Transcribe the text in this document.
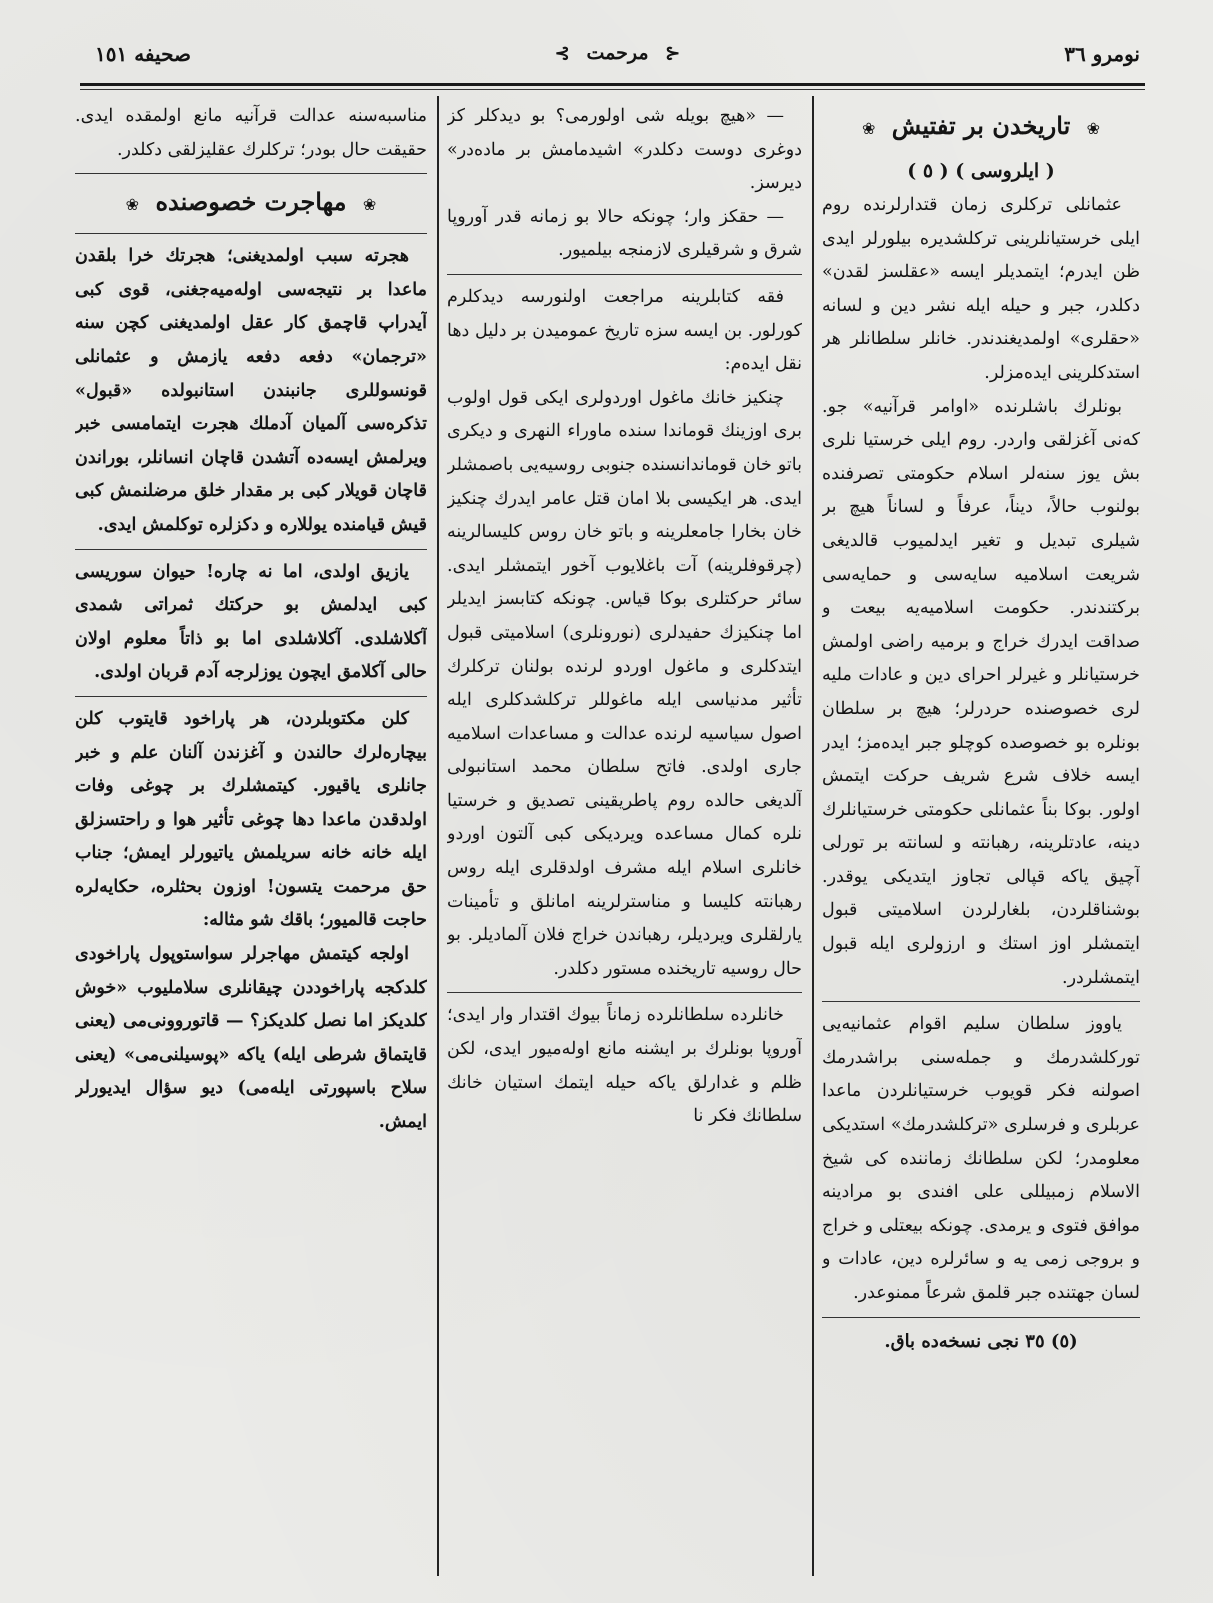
نومرو ٣٦
⊰ مرحمت ⊱
صحيفه ١٥١
❀ تاريخدن بر تفتيش ❀
( ايلروسى ) ( ٥ )

عثمانلى تركلرى زمان قتدارلرنده روم ايلى خرستيانلرينى تركلشديره بيلورلر ايدى ظن ايدرم؛ ايتمديلر ايسه «عقلسز لقدن» دكلدر، جبر و حيله ايله نشر دين و لسانه «حقلرى» اولمديغندندر. خانلر سلطانلر هر استدكلرينى ايده‌مزلر.

بونلرك باشلرنده «اوامر قرآنيه» جو. كه‌نى آغزلقى واردر. روم ايلى خرستيا نلرى بش يوز سنه‌لر اسلام حكومتى تصرفنده بولنوب حالاً، ديناً، عرفاً و لساناً هيچ بر شيلرى تبديل و تغير ايدلميوب قالديغى شريعت اسلاميه سايه‌سى و حمايه‌سى بركتندندر. حكومت اسلاميه‌يه بيعت و صداقت ايدرك خراج و برميه راضى اولمش خرستيانلر و غيرلر احراى دين و عادات مليه لرى خصوصنده حردرلر؛ هيچ بر سلطان بونلره بو خصوصده كوچلو جبر ايده‌مز؛ ايدر ايسه خلاف شرع شريف حركت ايتمش اولور. بوكا بناً عثمانلى حكومتى خرستيانلرك دينه، عادتلرينه، رهبانته و لسانته بر تورلى آچيق ياكه قپالى تجاوز ايتديكى يوقدر. بوشناقلردن، بلغارلردن اسلاميتى قبول ايتمشلر اوز استك و ارزولرى ايله قبول ايتمشلردر.

ياووز سلطان سليم اقوام عثمانيه‌يى توركلشدرمك و جملەسنى براشدرمك اصولنه فكر قويوب خرستيانلردن ماعدا عربلرى و فرسلرى «تركلشدرمك» استديكى معلومدر؛ لكن سلطانك زماننده كى شيخ الاسلام زمبيللى على افندى بو مرادينه موافق فتوى و يرمدى. چونكه بيعتلى و خراج و بروجى زمى يه و سائرلره دين، عادات و لسان جهتنده جبر قلمق شرعاً ممنوعدر.

(٥) ٣٥ نجى نسخه‌ده باق.

— «هيچ بويله شى اولورمى؟ بو ديدكلر كز دوغرى دوست دكلدر» اشيدمامش بر ماده‌در» ديرسز.

— حقكز وار؛ چونكه حالا بو زمانه قدر آوروپا شرق و شرقيلرى لازمنجه بيلميور.

فقه كتابلرينه مراجعت اولنورسه ديدكلرم كورلور. بن ايسه سزه تاريخ عموميدن بر دليل دها نقل ايده‌م:

چنكيز خانك ماغول اوردولرى ايكى قول اولوب برى اوزينك قوماندا سنده ماوراء النهرى و ديكرى باتو خان قوماندانسنده جنوبى روسيه‌يى باصمشلر ايدى. هر ايكيسى بلا امان قتل عامر ايدرك چنكيز خان بخارا جامعلرينه و باتو خان روس كليسالرينه (چرقوفلرينه) آت باغلايوب آخور ايتمشلر ايدى. سائر حركتلرى بوكا قياس. چونكه كتابسز ايديلر اما چنكيزك حفيدلرى (نورونلرى) اسلاميتى قبول ايتدكلرى و ماغول اوردو لرنده بولنان تركلرك تأثير مدنياسى ايله ماغوللر تركلشدكلرى ايله اصول سياسيه لرنده عدالت و مساعدات اسلاميه جارى اولدى. فاتح سلطان محمد استانبولى آلديغى حالده روم پاطريقينى تصديق و خرستيا نلره كمال مساعده ويرديكى كبى آلتون اوردو خانلرى اسلام ايله مشرف اولدقلرى ايله روس رهبانته كليسا و مناسترلرينه امانلق و تأمينات يارلقلرى ويرديلر، رهباندن خراج فلان آلماديلر. بو حال روسيه تاريخنده مستور دكلدر.

خانلرده سلطانلرده زماناً بيوك اقتدار وار ايدى؛ آوروپا بونلرك بر ايشنه مانع اوله‌ميور ايدى، لكن ظلم و غدارلق ياكه حيله ايتمك استيان خانك سلطانك فكر نا

مناسبەسنه عدالت قرآنيه مانع اولمقده ايدى. حقيقت حال بودر؛ تركلرك عقليزلقى دكلدر.

❀ مهاجرت خصوصنده ❀

هجرته سبب اولمديغنى؛ هجرتك خرا بلقدن ماعدا بر نتيجه‌سى اوله‌ميه‌جغنى، قوى كبى آيدراپ قاچمق كار عقل اولمديغنى كچن سنه «ترجمان» دفعه دفعه يازمش و عثمانلى قونسوللرى جانبندن استانبولده «قبول» تذكره‌سى آلميان آدملك هجرت ايتمامسى خبر ويرلمش ايسه‌ده آتشدن قاچان انسانلر، بوراندن قاچان قويلار كبى بر مقدار خلق مرضلنمش كبى قيش قيامنده يوللاره و دكزلره توكلمش ايدى.

يازيق اولدى، اما نه چاره! حيوان سوريسى كبى ايدلمش بو حركتك ثمراتى شمدى آكلاشلدى. آكلاشلدى اما بو ذاتاً معلوم اولان حالى آكلامق ايچون يوزلرجه آدم قربان اولدى.

كلن مكتوبلردن، هر پاراخود قايتوب كلن بيچاره‌لرك حالندن و آغزندن آلنان علم و خبر جانلرى ياقيور. كيتمشلرك بر چوغى وفات اولدقدن ماعدا دها چوغى تأثير هوا و راحتسزلق ايله خانه خانه سريلمش ياتيورلر ايمش؛ جناب حق مرحمت يتسون! اوزون بحثلره، حكايه‌لره حاجت قالميور؛ باقك شو مثاله:

اولجه كيتمش مهاجرلر سواستوپول پاراخودى كلدكجه پاراخوددن چيقانلرى سلامليوب «خوش كلديكز اما نصل كلديكز؟ — قاتوروونى‌مى (يعنى قايتماق شرطى ايله) ياكه «پوسيلنى‌مى» (يعنى سلاح باسپورتى ايله‌مى) ديو سؤال ايديورلر ايمش.
